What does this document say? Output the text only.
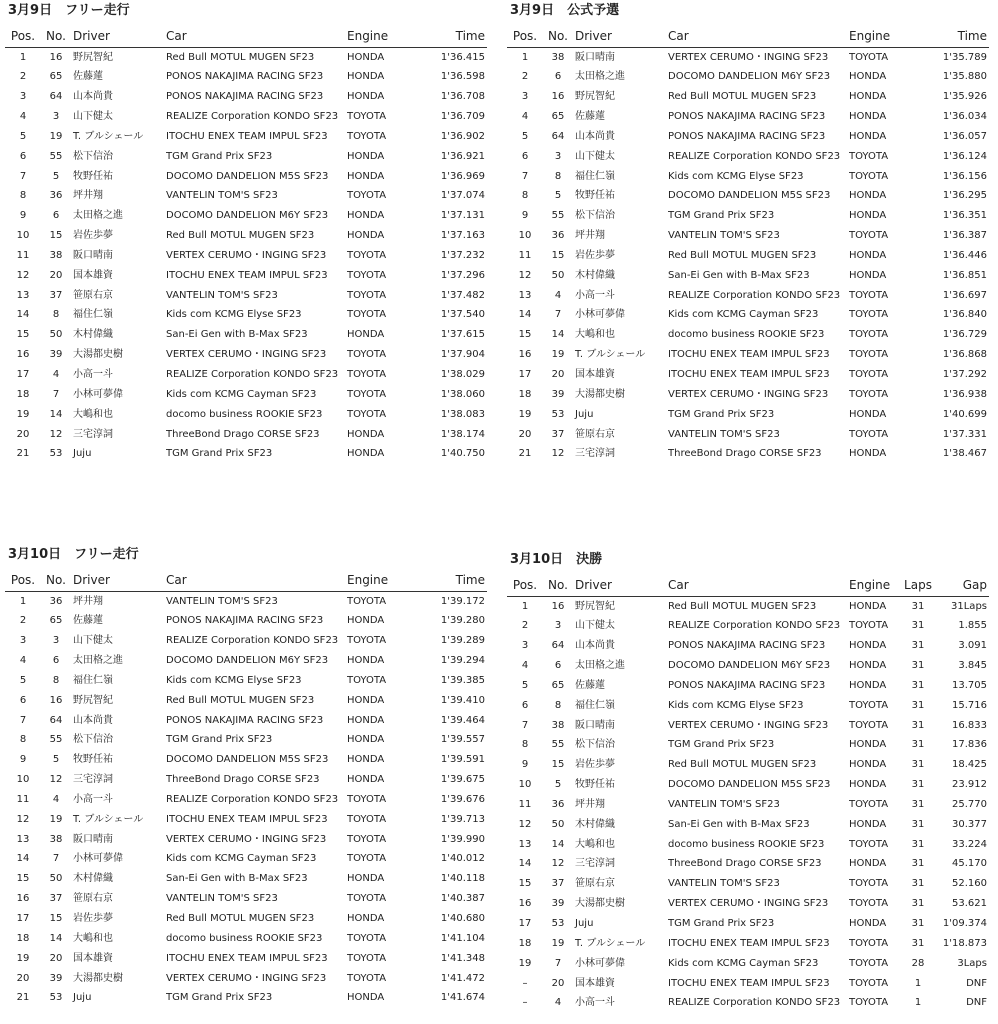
3月9日　フリー走行
Pos.	No.	Driver	Car	Engine	Time
1	16	野尻智紀	Red Bull MOTUL MUGEN SF23	HONDA	1'36.415
2	65	佐藤蓮	PONOS NAKAJIMA RACING SF23	HONDA	1'36.598
3	64	山本尚貴	PONOS NAKAJIMA RACING SF23	HONDA	1'36.708
4	3	山下健太	REALIZE Corporation KONDO SF23	TOYOTA	1'36.709
5	19	T. ブルシェール	ITOCHU ENEX TEAM IMPUL SF23	TOYOTA	1'36.902
6	55	松下信治	TGM Grand Prix SF23	HONDA	1'36.921
7	5	牧野任祐	DOCOMO DANDELION M5S SF23	HONDA	1'36.969
8	36	坪井翔	VANTELIN TOM'S SF23	TOYOTA	1'37.074
9	6	太田格之進	DOCOMO DANDELION M6Y SF23	HONDA	1'37.131
10	15	岩佐歩夢	Red Bull MOTUL MUGEN SF23	HONDA	1'37.163
11	38	阪口晴南	VERTEX CERUMO・INGING SF23	TOYOTA	1'37.232
12	20	国本雄資	ITOCHU ENEX TEAM IMPUL SF23	TOYOTA	1'37.296
13	37	笹原右京	VANTELIN TOM'S SF23	TOYOTA	1'37.482
14	8	福住仁嶺	Kids com KCMG Elyse SF23	TOYOTA	1'37.540
15	50	木村偉織	San-Ei Gen with B-Max SF23	HONDA	1'37.615
16	39	大湯都史樹	VERTEX CERUMO・INGING SF23	TOYOTA	1'37.904
17	4	小高一斗	REALIZE Corporation KONDO SF23	TOYOTA	1'38.029
18	7	小林可夢偉	Kids com KCMG Cayman SF23	TOYOTA	1'38.060
19	14	大嶋和也	docomo business ROOKIE SF23	TOYOTA	1'38.083
20	12	三宅淳詞	ThreeBond Drago CORSE SF23	HONDA	1'38.174
21	53	Juju	TGM Grand Prix SF23	HONDA	1'40.750
3月9日　公式予選
Pos.	No.	Driver	Car	Engine	Time
1	38	阪口晴南	VERTEX CERUMO・INGING SF23	TOYOTA	1'35.789
2	6	太田格之進	DOCOMO DANDELION M6Y SF23	HONDA	1'35.880
3	16	野尻智紀	Red Bull MOTUL MUGEN SF23	HONDA	1'35.926
4	65	佐藤蓮	PONOS NAKAJIMA RACING SF23	HONDA	1'36.034
5	64	山本尚貴	PONOS NAKAJIMA RACING SF23	HONDA	1'36.057
6	3	山下健太	REALIZE Corporation KONDO SF23	TOYOTA	1'36.124
7	8	福住仁嶺	Kids com KCMG Elyse SF23	TOYOTA	1'36.156
8	5	牧野任祐	DOCOMO DANDELION M5S SF23	HONDA	1'36.295
9	55	松下信治	TGM Grand Prix SF23	HONDA	1'36.351
10	36	坪井翔	VANTELIN TOM'S SF23	TOYOTA	1'36.387
11	15	岩佐歩夢	Red Bull MOTUL MUGEN SF23	HONDA	1'36.446
12	50	木村偉織	San-Ei Gen with B-Max SF23	HONDA	1'36.851
13	4	小高一斗	REALIZE Corporation KONDO SF23	TOYOTA	1'36.697
14	7	小林可夢偉	Kids com KCMG Cayman SF23	TOYOTA	1'36.840
15	14	大嶋和也	docomo business ROOKIE SF23	TOYOTA	1'36.729
16	19	T. ブルシェール	ITOCHU ENEX TEAM IMPUL SF23	TOYOTA	1'36.868
17	20	国本雄資	ITOCHU ENEX TEAM IMPUL SF23	TOYOTA	1'37.292
18	39	大湯都史樹	VERTEX CERUMO・INGING SF23	TOYOTA	1'36.938
19	53	Juju	TGM Grand Prix SF23	HONDA	1'40.699
20	37	笹原右京	VANTELIN TOM'S SF23	TOYOTA	1'37.331
21	12	三宅淳詞	ThreeBond Drago CORSE SF23	HONDA	1'38.467
3月10日　フリー走行
Pos.	No.	Driver	Car	Engine	Time
1	36	坪井翔	VANTELIN TOM'S SF23	TOYOTA	1'39.172
2	65	佐藤蓮	PONOS NAKAJIMA RACING SF23	HONDA	1'39.280
3	3	山下健太	REALIZE Corporation KONDO SF23	TOYOTA	1'39.289
4	6	太田格之進	DOCOMO DANDELION M6Y SF23	HONDA	1'39.294
5	8	福住仁嶺	Kids com KCMG Elyse SF23	TOYOTA	1'39.385
6	16	野尻智紀	Red Bull MOTUL MUGEN SF23	HONDA	1'39.410
7	64	山本尚貴	PONOS NAKAJIMA RACING SF23	HONDA	1'39.464
8	55	松下信治	TGM Grand Prix SF23	HONDA	1'39.557
9	5	牧野任祐	DOCOMO DANDELION M5S SF23	HONDA	1'39.591
10	12	三宅淳詞	ThreeBond Drago CORSE SF23	HONDA	1'39.675
11	4	小高一斗	REALIZE Corporation KONDO SF23	TOYOTA	1'39.676
12	19	T. ブルシェール	ITOCHU ENEX TEAM IMPUL SF23	TOYOTA	1'39.713
13	38	阪口晴南	VERTEX CERUMO・INGING SF23	TOYOTA	1'39.990
14	7	小林可夢偉	Kids com KCMG Cayman SF23	TOYOTA	1'40.012
15	50	木村偉織	San-Ei Gen with B-Max SF23	HONDA	1'40.118
16	37	笹原右京	VANTELIN TOM'S SF23	TOYOTA	1'40.387
17	15	岩佐歩夢	Red Bull MOTUL MUGEN SF23	HONDA	1'40.680
18	14	大嶋和也	docomo business ROOKIE SF23	TOYOTA	1'41.104
19	20	国本雄資	ITOCHU ENEX TEAM IMPUL SF23	TOYOTA	1'41.348
20	39	大湯都史樹	VERTEX CERUMO・INGING SF23	TOYOTA	1'41.472
21	53	Juju	TGM Grand Prix SF23	HONDA	1'41.674
3月10日　決勝
Pos.	No.	Driver	Car	Engine	Laps	Gap
1	16	野尻智紀	Red Bull MOTUL MUGEN SF23	HONDA	31	31Laps
2	3	山下健太	REALIZE Corporation KONDO SF23	TOYOTA	31	1.855
3	64	山本尚貴	PONOS NAKAJIMA RACING SF23	HONDA	31	3.091
4	6	太田格之進	DOCOMO DANDELION M6Y SF23	HONDA	31	3.845
5	65	佐藤蓮	PONOS NAKAJIMA RACING SF23	HONDA	31	13.705
6	8	福住仁嶺	Kids com KCMG Elyse SF23	TOYOTA	31	15.716
7	38	阪口晴南	VERTEX CERUMO・INGING SF23	TOYOTA	31	16.833
8	55	松下信治	TGM Grand Prix SF23	HONDA	31	17.836
9	15	岩佐歩夢	Red Bull MOTUL MUGEN SF23	HONDA	31	18.425
10	5	牧野任祐	DOCOMO DANDELION M5S SF23	HONDA	31	23.912
11	36	坪井翔	VANTELIN TOM'S SF23	TOYOTA	31	25.770
12	50	木村偉織	San-Ei Gen with B-Max SF23	HONDA	31	30.377
13	14	大嶋和也	docomo business ROOKIE SF23	TOYOTA	31	33.224
14	12	三宅淳詞	ThreeBond Drago CORSE SF23	HONDA	31	45.170
15	37	笹原右京	VANTELIN TOM'S SF23	TOYOTA	31	52.160
16	39	大湯都史樹	VERTEX CERUMO・INGING SF23	TOYOTA	31	53.621
17	53	Juju	TGM Grand Prix SF23	HONDA	31	1'09.374
18	19	T. ブルシェール	ITOCHU ENEX TEAM IMPUL SF23	TOYOTA	31	1'18.873
19	7	小林可夢偉	Kids com KCMG Cayman SF23	TOYOTA	28	3Laps
–	20	国本雄資	ITOCHU ENEX TEAM IMPUL SF23	TOYOTA	1	DNF
–	4	小高一斗	REALIZE Corporation KONDO SF23	TOYOTA	1	DNF
